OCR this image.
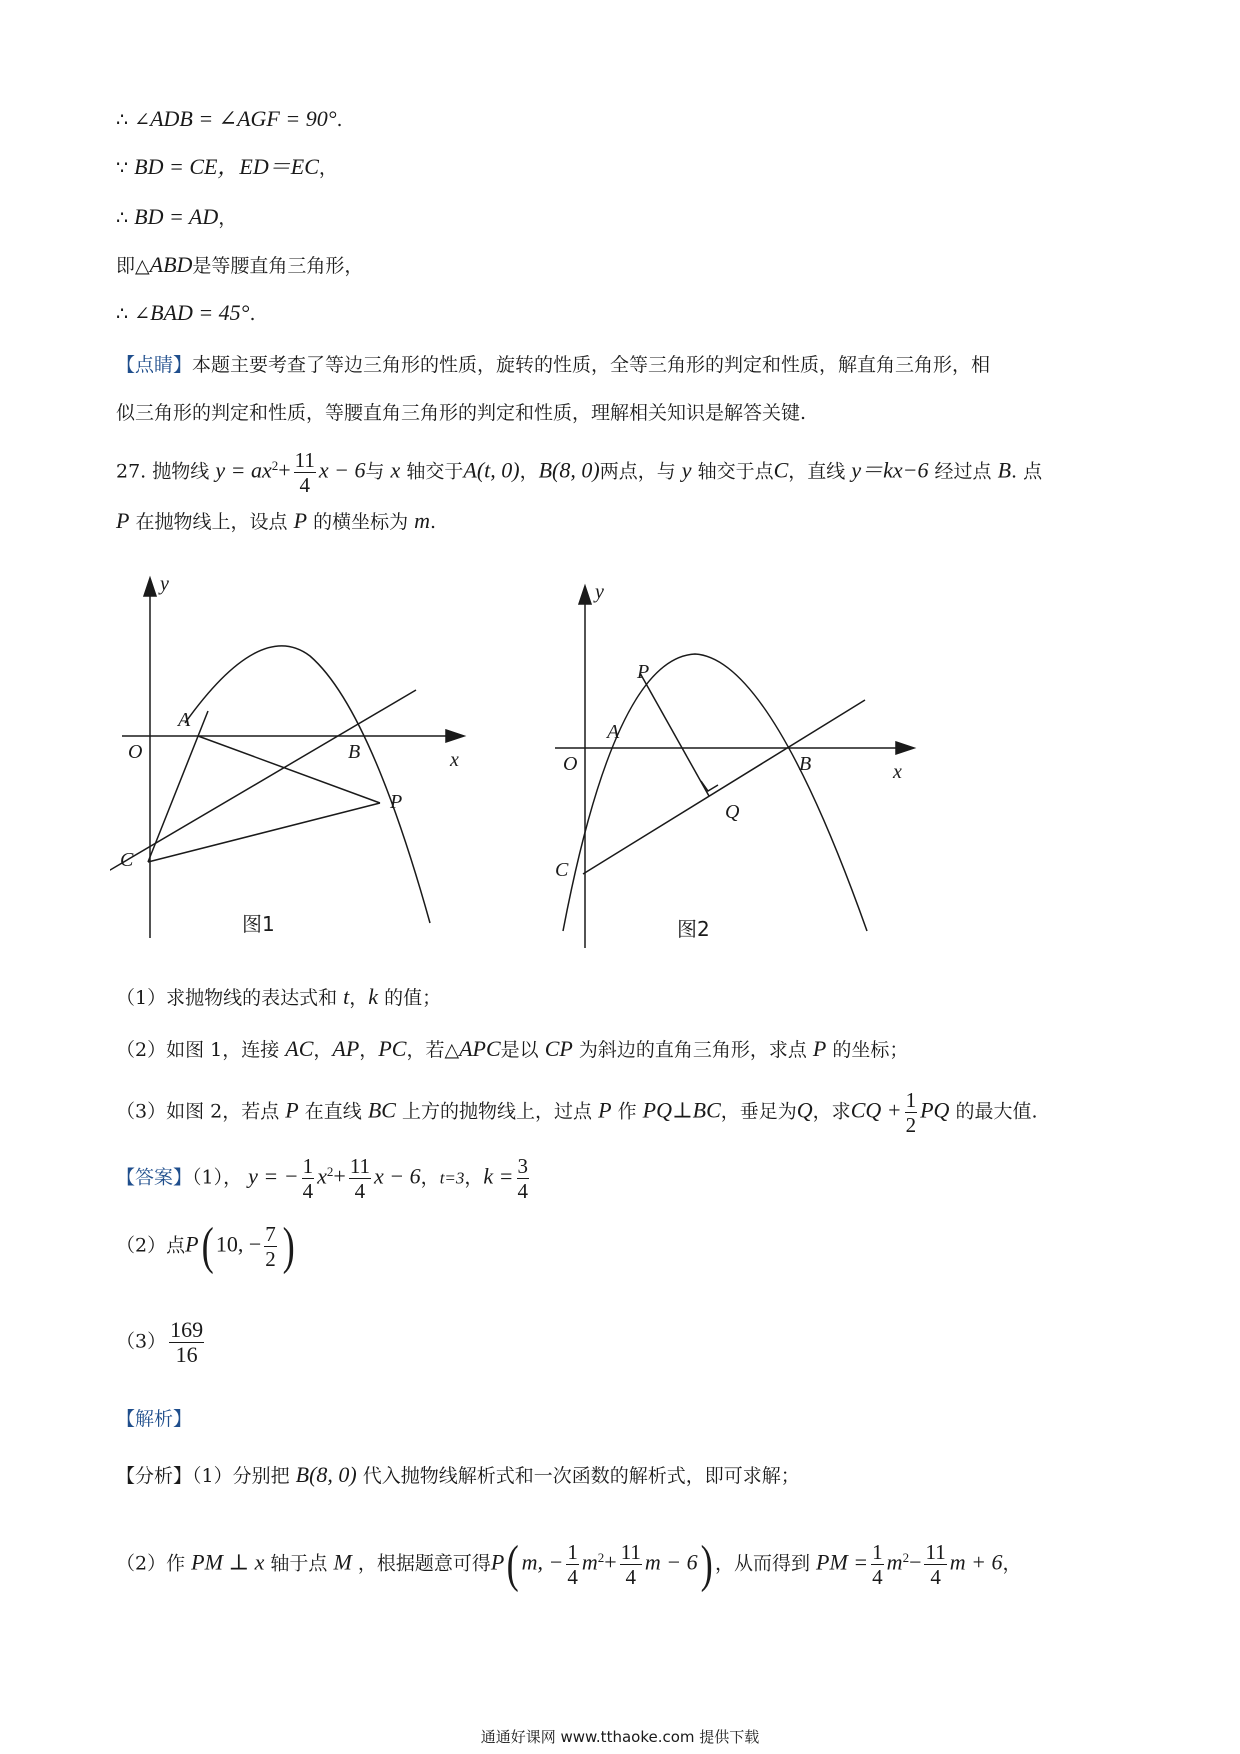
∴ ∠ADB = ∠AGF = 90°.
∵ BD = CE，ED＝EC，
∴ BD = AD，
即△ABD是等腰直角三角形，
∴ ∠BAD = 45°.
【点睛】本题主要考查了等边三角形的性质，旋转的性质，全等三角形的判定和性质，解直角三角形，相
似三角形的判定和性质，等腰直角三角形的判定和性质，理解相关知识是解答关键.
27. 抛物线 $y = ax^2+ \frac{11}{4}$ x − 6与 x 轴交于A(t, 0)，B(8, 0)两点，与 y 轴交于点C，直线 y＝kx−6 经过点 B. 点
P 在抛物线上，设点 P 的横坐标为 m.
y
x
O
A
B
P
C
图1
y
x
O
A
B
P
Q
C
图2
（1）求抛物线的表达式和 t，k 的值；
（2）如图 1，连接 AC，AP，PC，若△APC是以 CP 为斜边的直角三角形，求点 P 的坐标；
（3）如图 2，若点 P 在直线 BC 上方的抛物线上，过点 P 作 PQ⊥BC，垂足为Q，求CQ + $\frac{1}{2}$ PQ 的最大值.
【答案】（1）， y = − $\frac{1}{4} x^2+ \frac{11}{4}$ x − 6，t=3，$k = \frac{3}{4}$
（2）点P( 10, − $\frac{7}{2}$ )
$(3) \frac{169}{16}$
【解析】
【分析】（1）分别把 B(8, 0) 代入抛物线解析式和一次函数的解析式，即可求解；
（2）作 PM ⊥ x 轴于点 M ，根据题意可得P( m, − $\frac{1}{4} m^2+ \frac{11}{4}$ m − 6) ，从而得到 PM = $\frac{1}{4} m^2- \frac{11}{4}$ m + 6，
通通好课网 www.tthaoke.com 提供下载
